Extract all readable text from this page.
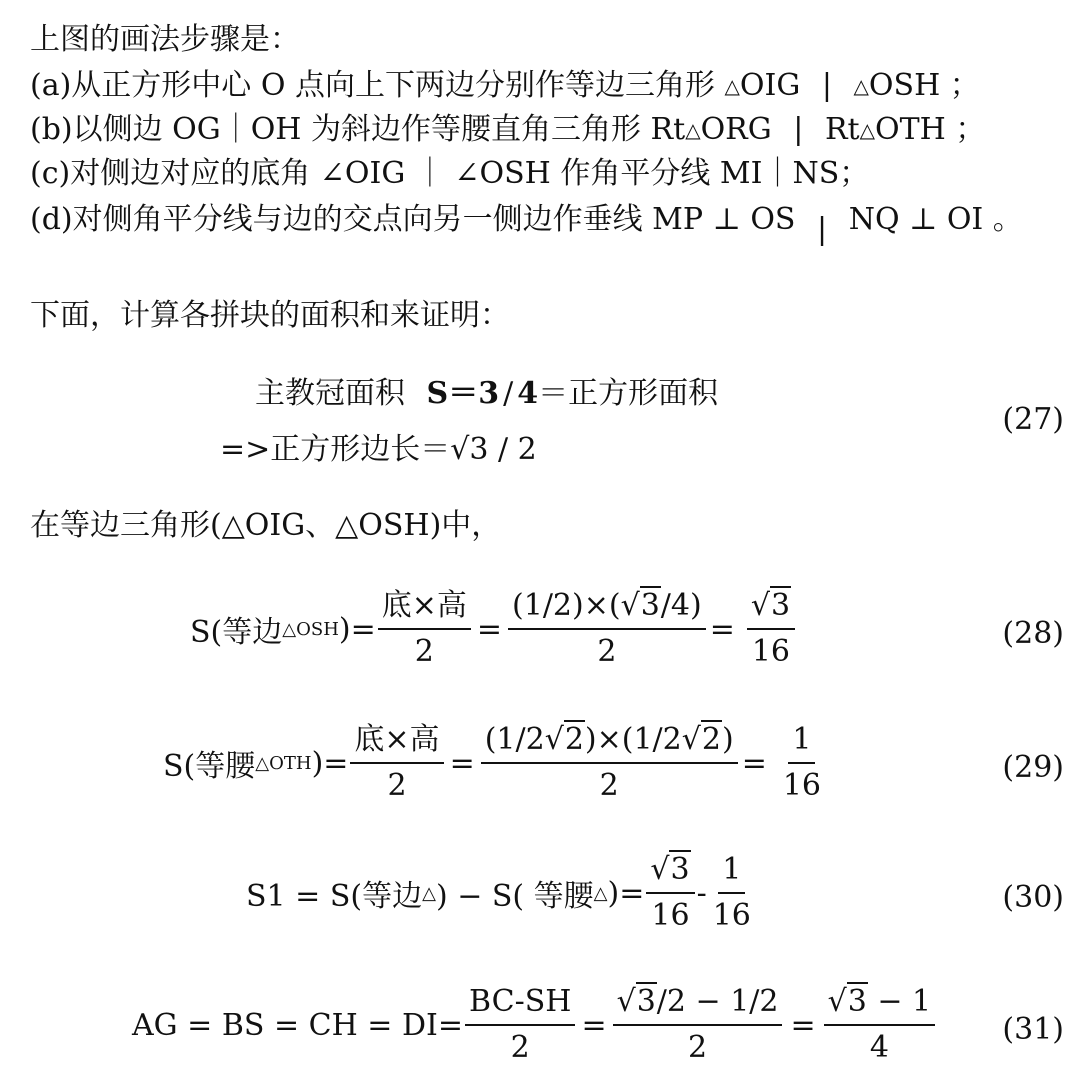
上图的画法步骤是：
(a)从正方形中心 O 点向上下两边分别作等边三角形 △OIG | △OSH ；
(b)以侧边 OG｜OH 为斜边作等腰直角三角形 Rt△ORG | Rt△OTH ；
(c)对侧边对应的底角 ∠OIG ｜ ∠OSH 作角平分线 MI｜NS；
(d)对侧角平分线与边的交点向另一侧边作垂线 MP ⊥ OS | NQ ⊥ OI 。
下面，计算各拼块的面积和来证明：
主教冠面积 S＝3 / 4＝正方形面积
=>正方形边长＝√3 / 2
(27)
在等边三角形(△OIG、△OSH)中，
S(等边 △OSH )= $\frac{\text{底×高}}{2} = \frac{(1/2)\times(√3/4)}{2} = \frac{√3}{16}$	(28)
S(等腰 △OTH )= $\frac{\text{底×高}}{2} = \frac{(1/2√2)\times(1/2√2)}{2} = \frac{1}{16}$	(29)
S1 = S(等边 △ ) − S( 等腰 △ )= $\frac{√3}{16} - \frac{1}{16}$	(30)
AG = BS = CH = $DI= \frac{BC-SH}{2} = \frac{√3/2 - 1/2}{2} = \frac{√3 - 1}{4} (31)$
